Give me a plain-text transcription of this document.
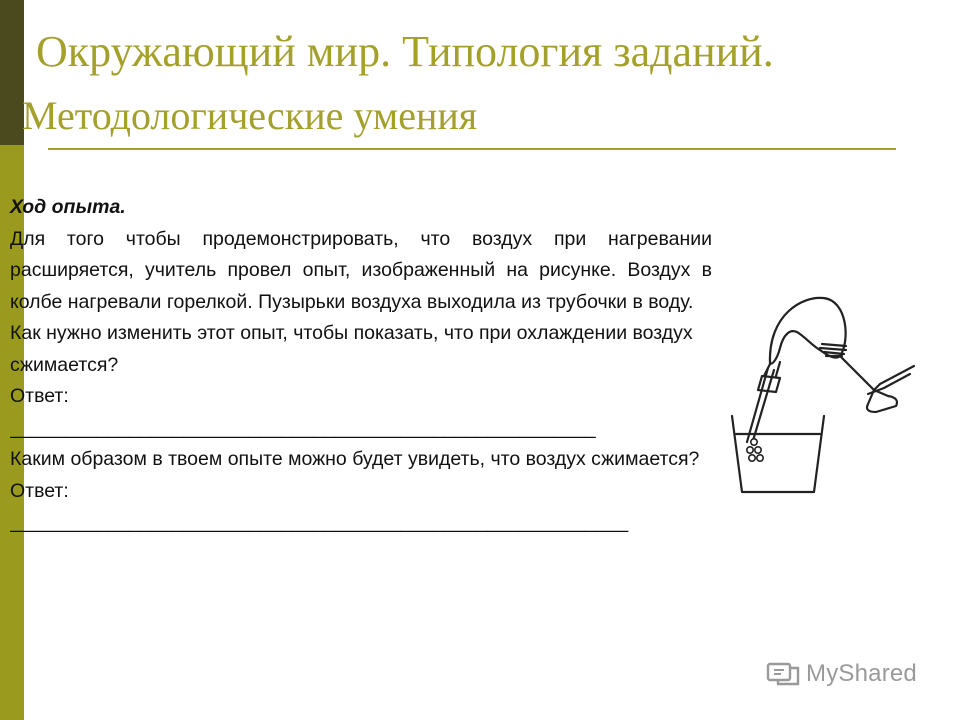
Окружающий мир. Типология заданий.
Методологические умения

Ход опыта.

Для того чтобы продемонстрировать, что воздух при нагревании расширяется, учитель провел опыт, изображенный на рисунке. Воздух в колбе нагревали горелкой. Пузырьки воздуха выходила из трубочки в воду.

Как нужно изменить этот опыт, чтобы показать, что при охлаждении воздух сжимается?

Ответ:

______________________________________________________

Каким образом в твоем опыте можно будет увидеть, что воздух сжимается?

Ответ:

_________________________________________________________

MyShared
